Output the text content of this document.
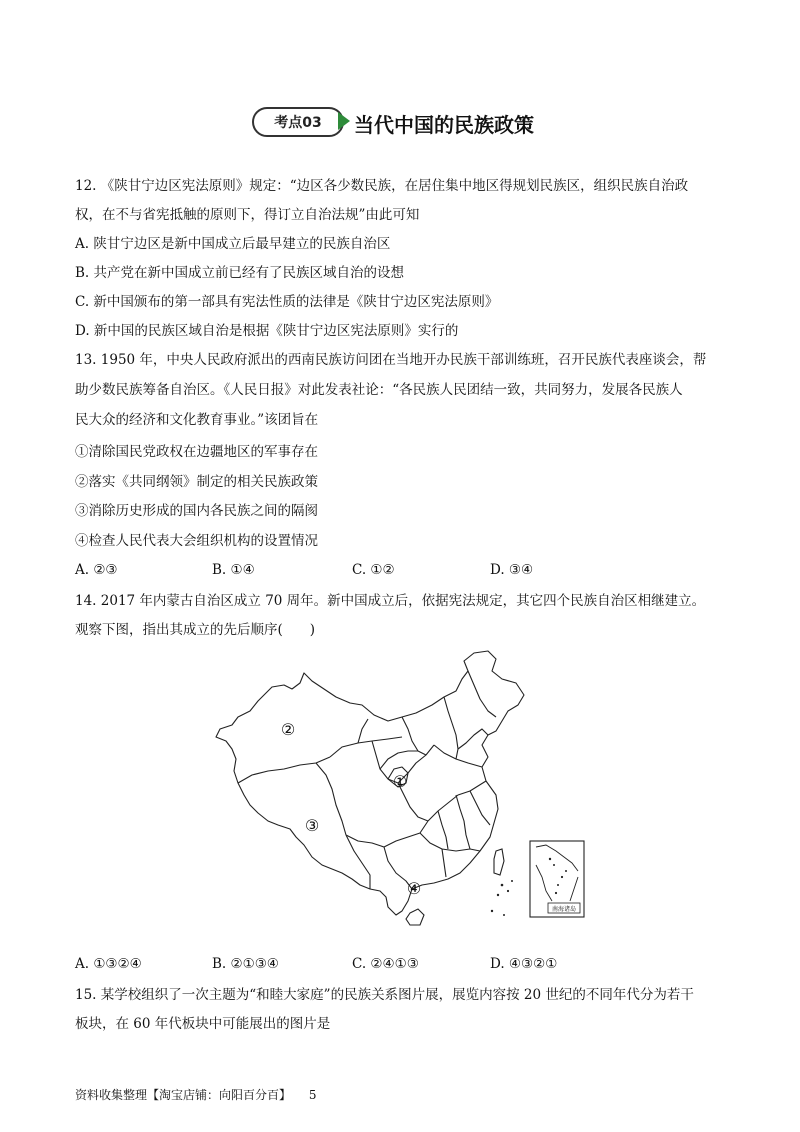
考点03	当代中国的民族政策
12. 《陕甘宁边区宪法原则》规定：“边区各少数民族，在居住集中地区得规划民族区，组织民族自治政
权，在不与省宪抵触的原则下，得订立自治法规”由此可知
A. 陕甘宁边区是新中国成立后最早建立的民族自治区
B. 共产党在新中国成立前已经有了民族区域自治的设想
C. 新中国颁布的第一部具有宪法性质的法律是《陕甘宁边区宪法原则》
D. 新中国的民族区域自治是根据《陕甘宁边区宪法原则》实行的
13. 1950 年，中央人民政府派出的西南民族访问团在当地开办民族干部训练班，召开民族代表座谈会，帮
助少数民族筹备自治区。《人民日报》对此发表社论：“各民族人民团结一致，共同努力，发展各民族人
民大众的经济和文化教育事业。”该团旨在
①清除国民党政权在边疆地区的军事存在
②落实《共同纲领》制定的相关民族政策
③消除历史形成的国内各民族之间的隔阂
④检查人民代表大会组织机构的设置情况
A. ②③	B. ①④	C. ①②	D. ③④
14. 2017 年内蒙古自治区成立 70 周年。新中国成立后，依据宪法规定，其它四个民族自治区相继建立。
观察下图，指出其成立的先后顺序(　　)
②
①
③
④
南海诸岛
A. ①③②④	B. ②①③④	C. ②④①③	D. ④③②①
15. 某学校组织了一次主题为“和睦大家庭”的民族关系图片展，展览内容按 20 世纪的不同年代分为若干
板块，在 60 年代板块中可能展出的图片是
资料收集整理【淘宝店铺：向阳百分百】 5
